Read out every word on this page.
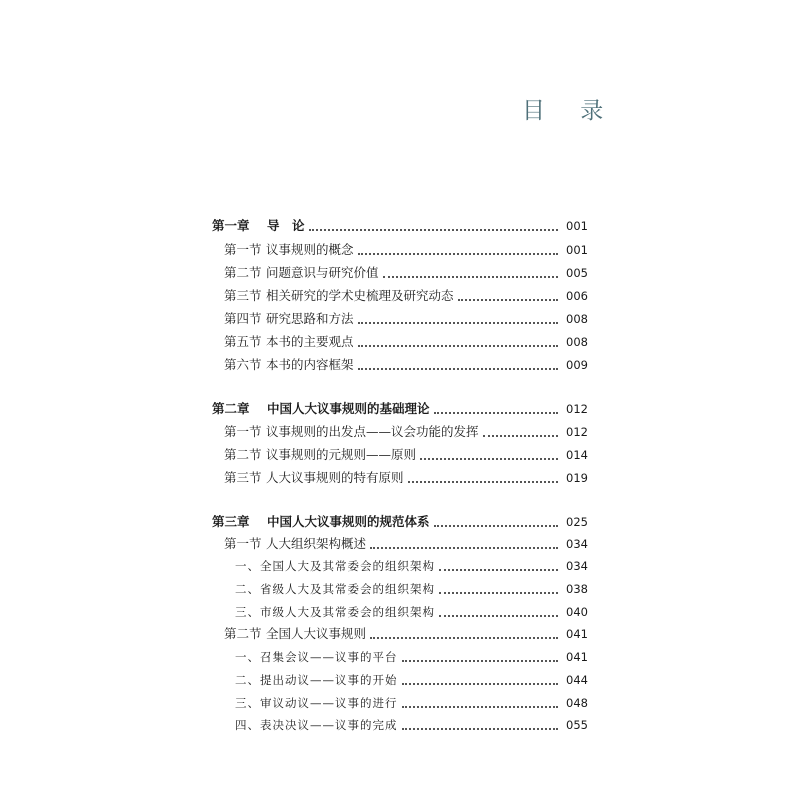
目 录
第一章 导　论	001
第一节 议事规则的概念	001
第二节 问题意识与研究价值	005
第三节 相关研究的学术史梳理及研究动态	006
第四节 研究思路和方法	008
第五节 本书的主要观点	008
第六节 本书的内容框架	009
第二章 中国人大议事规则的基础理论	012
第一节 议事规则的出发点——议会功能的发挥	012
第二节 议事规则的元规则——原则	014
第三节 人大议事规则的特有原则	019
第三章 中国人大议事规则的规范体系	025
第一节 人大组织架构概述	034
一、全国人大及其常委会的组织架构	034
二、省级人大及其常委会的组织架构	038
三、市级人大及其常委会的组织架构	040
第二节 全国人大议事规则	041
一、召集会议——议事的平台	041
二、提出动议——议事的开始	044
三、审议动议——议事的进行	048
四、表决决议——议事的完成	055
